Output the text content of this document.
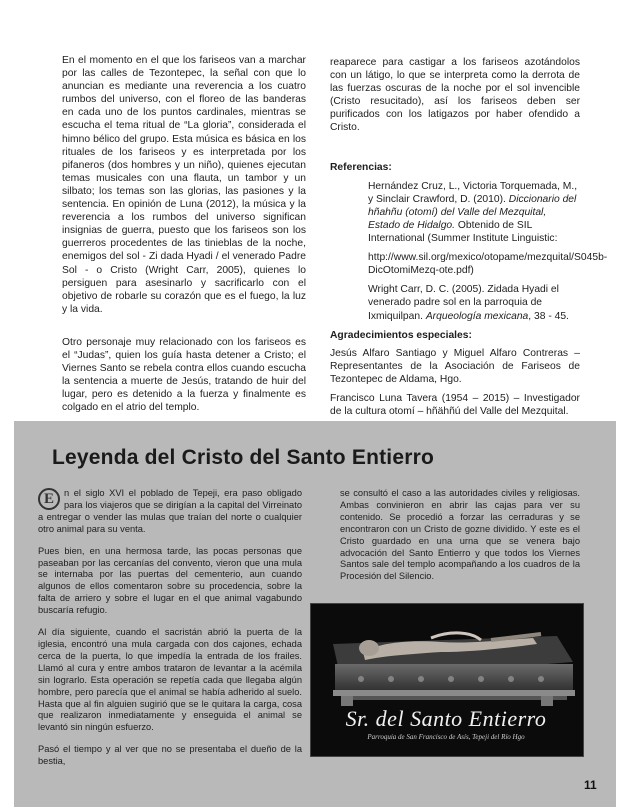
En el momento en el que los fariseos van a marchar por las calles de Tezontepec, la señal con que lo anuncian es mediante una reverencia a los cuatro rumbos del universo, con el floreo de las banderas en cada uno de los puntos cardinales, mientras se escucha el tema ritual de “La gloria”, considerada el himno bélico del grupo. Esta música es básica en los rituales de los fariseos y es interpretada por los pifaneros (dos hombres y un niño), quienes ejecutan temas musicales con una flauta, un tambor y un silbato; los temas son las glorias, las pasiones y la sentencia. En opinión de Luna (2012), la música y la reverencia a los rumbos del universo significan insignias de guerra, puesto que los fariseos son los guerreros procedentes de las tinieblas de la noche, enemigos del sol - Zi dada Hyadi / el venerado Padre Sol - o Cristo (Wright Carr, 2005), quienes lo persiguen para asesinarlo y sacrificarlo con el objetivo de robarle su corazón que es el fuego, la luz y la vida.

Otro personaje muy relacionado con los fariseos es el “Judas”, quien los guía hasta detener a Cristo; el Viernes Santo se rebela contra ellos cuando escucha la sentencia a muerte de Jesús, tratando de huir del lugar, pero es detenido a la fuerza y finalmente es colgado en el atrio del templo.

reaparece para castigar a los fariseos azotándolos con un látigo, lo que se interpreta como la derrota de las fuerzas oscuras de la noche por el sol invencible (Cristo resucitado), así los fariseos deben ser purificados con los latigazos por haber ofendido a Cristo.

Referencias:

Hernández Cruz, L., Victoria Torquemada, M., y Sinclair Crawford, D. (2010). Diccionario del hñahñu (otomí) del Valle del Mezquital, Estado de Hidalgo. Obtenido de SIL International (Summer Institute Linguistic:

http://www.sil.org/mexico/otopame/mezquital/S045b-DicOtomiMezq-ote.pdf)

Wright Carr, D. C. (2005). Zidada Hyadi el venerado padre sol en la parroquia de Ixmiquilpan. Arqueología mexicana, 38 - 45.

Agradecimientos especiales:

Jesús Alfaro Santiago y Miguel Alfaro Contreras – Representantes de la Asociación de Fariseos de Tezontepec de Aldama, Hgo.

Francisco Luna Tavera (1954 – 2015) – Investigador de la cultura otomí – hñähñú del Valle del Mezquital.

Leyenda del Cristo del Santo Entierro

E	n el siglo XVI el poblado de Tepeji, era paso obligado para los viajeros que se dirigían a la capital del Virreinato a entregar o vender las mulas que traían del norte o cualquier otro animal para su venta.

Pues bien, en una hermosa tarde, las pocas personas que paseaban por las cercanías del convento, vieron que una mula se internaba por las puertas del cementerio, aun cuando algunos de ellos comentaron sobre su procedencia, sobre la falta de arriero y sobre el lugar en el que animal vagabundo buscaría refugio.

Al día siguiente, cuando el sacristán abrió la puerta de la iglesia, encontró una mula cargada con dos cajones, echada cerca de la puerta, lo que impedía la entrada de los frailes. Llamó al cura y entre ambos trataron de levantar a la acémila sin lograrlo. Esta operación se repetía cada que llegaba algún hombre, pero parecía que el animal se había adherido al suelo. Hasta que al fin alguien sugirió que se le quitara la carga, cosa que realizaron inmediatamente y enseguida el animal se levantó sin ningún esfuerzo.

Pasó el tiempo y al ver que no se presentaba el dueño de la bestia,

se consultó el caso a las autoridades civiles y religiosas. Ambas convinieron en abrir las cajas para ver su contenido. Se procedió a forzar las cerraduras y se encontraron con un Cristo de gozne dividido. Y este es el Cristo guardado en una urna que se venera bajo advocación del Santo Entierro y que todos los Viernes Santos sale del templo acompañando a los cuadros de la Procesión del Silencio.

Sr. del Santo Entierro
Parroquia de San Francisco de Asís, Tepeji del Río Hgo
11
